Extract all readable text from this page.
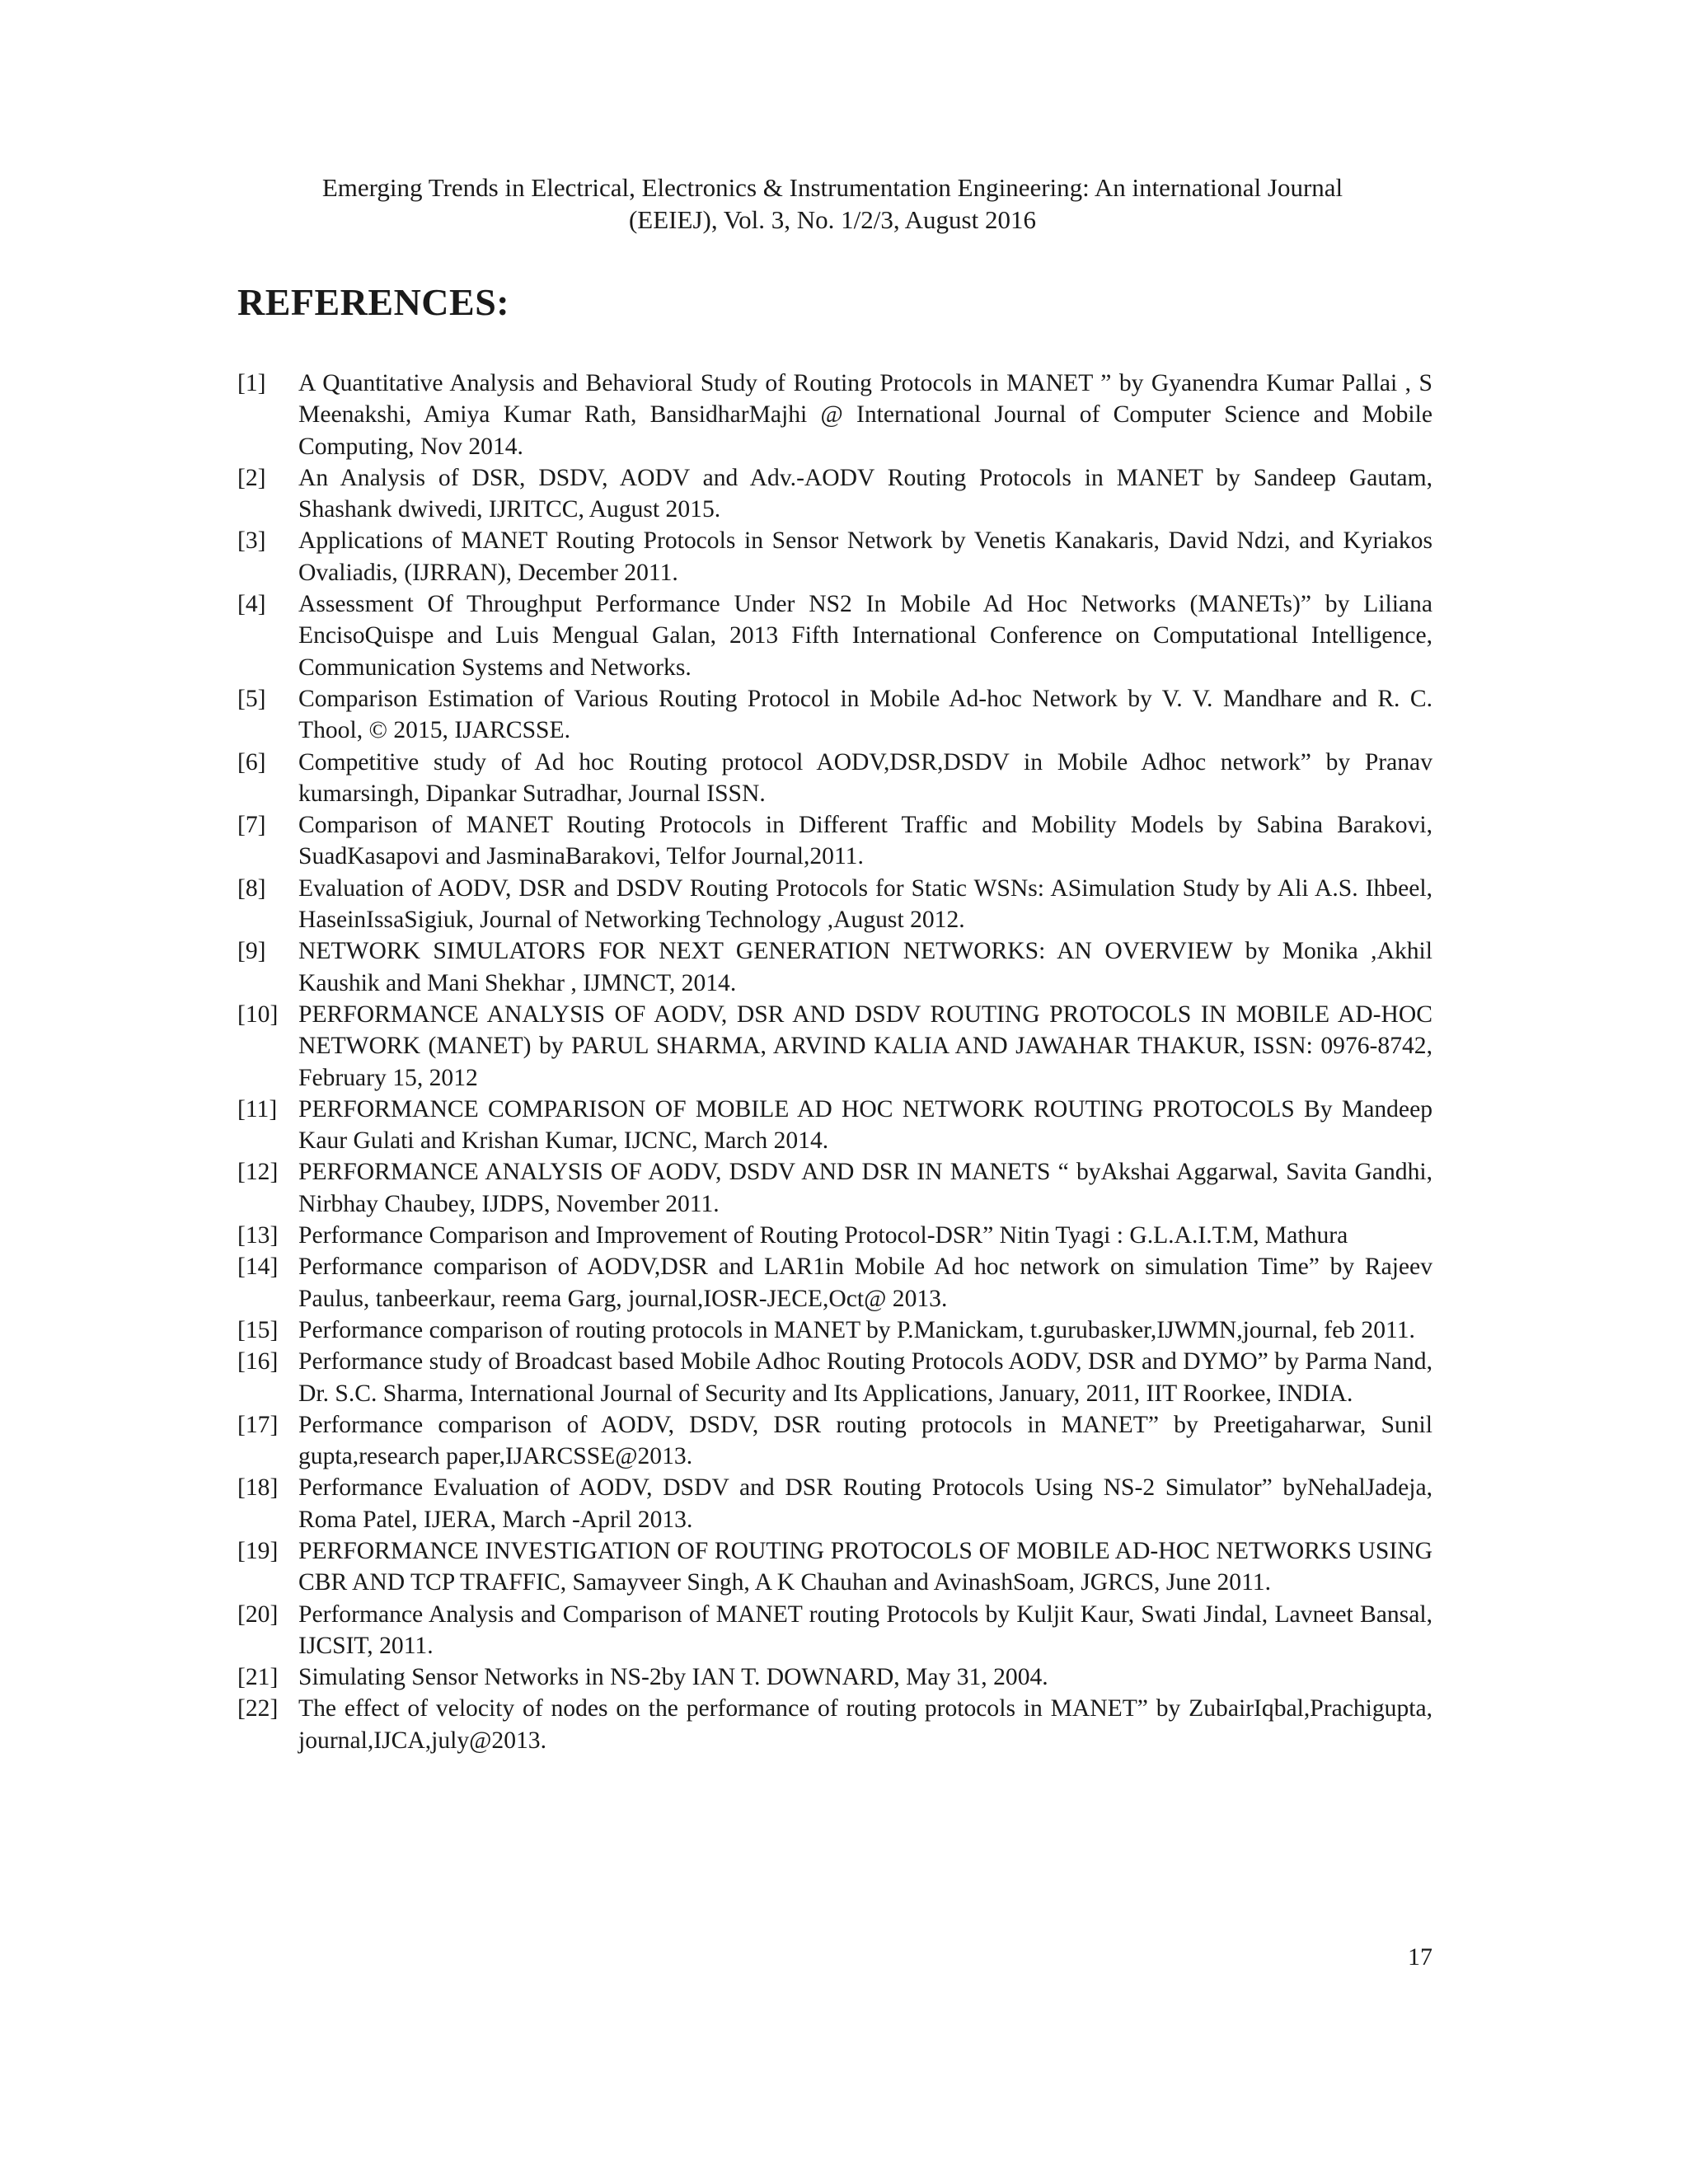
Emerging Trends in Electrical, Electronics & Instrumentation Engineering: An international Journal
(EEIEJ), Vol. 3, No. 1/2/3, August 2016
REFERENCES:
[1]	A Quantitative Analysis and Behavioral Study of Routing Protocols in MANET ” by Gyanendra Kumar Pallai , S Meenakshi, Amiya Kumar Rath, BansidharMajhi @ International Journal of Computer Science and Mobile Computing, Nov 2014.
[2]	An Analysis of DSR, DSDV, AODV and Adv.-AODV Routing Protocols in MANET by Sandeep Gautam, Shashank dwivedi, IJRITCC, August 2015.
[3]	Applications of MANET Routing Protocols in Sensor Network by Venetis Kanakaris, David Ndzi, and Kyriakos Ovaliadis, (IJRRAN), December 2011.
[4]	Assessment Of Throughput Performance Under NS2 In Mobile Ad Hoc Networks (MANETs)” by Liliana EncisoQuispe and Luis Mengual Galan, 2013 Fifth International Conference on Computational Intelligence, Communication Systems and Networks.
[5]	Comparison Estimation of Various Routing Protocol in Mobile Ad-hoc Network by V. V. Mandhare and R. C. Thool, © 2015, IJARCSSE.
[6]	Competitive study of Ad hoc Routing protocol AODV,DSR,DSDV in Mobile Adhoc network” by Pranav kumarsingh, Dipankar Sutradhar, Journal ISSN.
[7]	Comparison of MANET Routing Protocols in Different Traffic and Mobility Models by Sabina Barakovi, SuadKasapovi and JasminaBarakovi, Telfor Journal,2011.
[8]	Evaluation of AODV, DSR and DSDV Routing Protocols for Static WSNs: ASimulation Study by Ali A.S. Ihbeel, HaseinIssaSigiuk, Journal of Networking Technology ,August 2012.
[9]	NETWORK SIMULATORS FOR NEXT GENERATION NETWORKS: AN OVERVIEW by Monika ,Akhil Kaushik and Mani Shekhar , IJMNCT, 2014.
[10] PERFORMANCE ANALYSIS OF AODV, DSR AND DSDV ROUTING PROTOCOLS IN MOBILE AD-HOC NETWORK (MANET) by PARUL SHARMA, ARVIND KALIA AND JAWAHAR THAKUR, ISSN: 0976-8742, February 15, 2012
[11] PERFORMANCE COMPARISON OF MOBILE AD HOC NETWORK ROUTING PROTOCOLS By Mandeep Kaur Gulati and Krishan Kumar, IJCNC, March 2014.
[12] PERFORMANCE ANALYSIS OF AODV, DSDV AND DSR IN MANETS “ byAkshai Aggarwal, Savita Gandhi, Nirbhay Chaubey, IJDPS, November 2011.
[13] Performance Comparison and Improvement of Routing Protocol-DSR” Nitin Tyagi : G.L.A.I.T.M, Mathura
[14] Performance comparison of AODV,DSR and LAR1in Mobile Ad hoc network on simulation Time” by Rajeev Paulus, tanbeerkaur, reema Garg, journal,IOSR-JECE,Oct@ 2013.
[15] Performance comparison of routing protocols in MANET by P.Manickam, t.gurubasker,IJWMN,journal, feb 2011.
[16] Performance study of Broadcast based Mobile Adhoc Routing Protocols AODV, DSR and DYMO” by Parma Nand, Dr. S.C. Sharma, International Journal of Security and Its Applications, January, 2011, IIT Roorkee, INDIA.
[17] Performance comparison of AODV, DSDV, DSR routing protocols in MANET” by Preetigaharwar, Sunil gupta,research paper,IJARCSSE@2013.
[18] Performance Evaluation of AODV, DSDV and DSR Routing Protocols Using NS-2 Simulator” byNehalJadeja, Roma Patel, IJERA, March -April 2013.
[19] PERFORMANCE INVESTIGATION OF ROUTING PROTOCOLS OF MOBILE AD-HOC NETWORKS USING CBR AND TCP TRAFFIC, Samayveer Singh, A K Chauhan and AvinashSoam, JGRCS, June 2011.
[20] Performance Analysis and Comparison of MANET routing Protocols by Kuljit Kaur, Swati Jindal, Lavneet Bansal, IJCSIT, 2011.
[21] Simulating Sensor Networks in NS-2by IAN T. DOWNARD, May 31, 2004.
[22] The effect of velocity of nodes on the performance of routing protocols in MANET” by ZubairIqbal,Prachigupta, journal,IJCA,july@2013.
17
